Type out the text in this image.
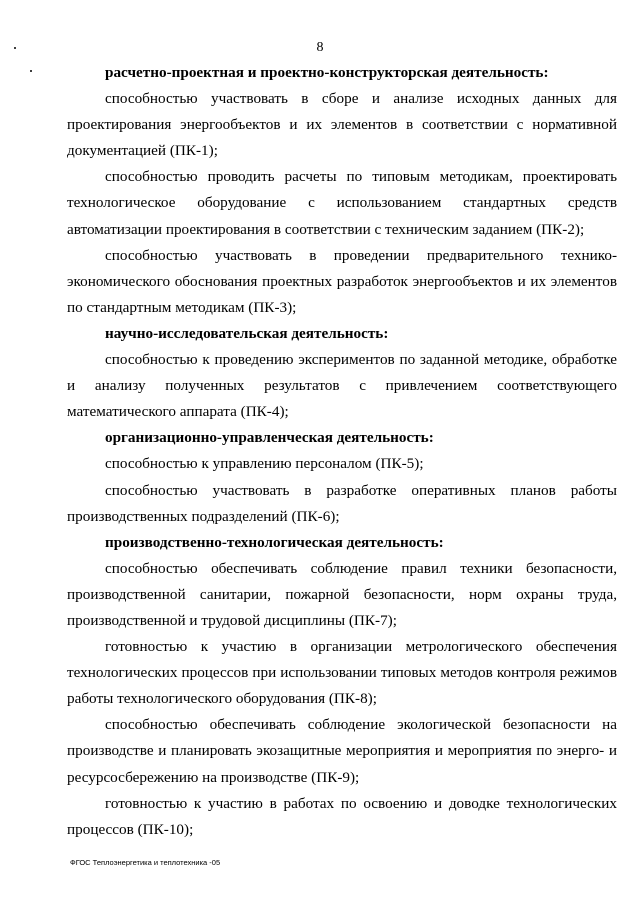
8

расчетно-проектная и проектно-конструкторская деятельность:

способностью участвовать в сборе и анализе исходных данных для проектирования энергообъектов и их элементов в соответствии с нормативной документацией (ПК-1);

способностью проводить расчеты по типовым методикам, проектировать технологическое оборудование с использованием стандартных средств автоматизации проектирования в соответствии с техническим заданием (ПК-2);

способностью участвовать в проведении предварительного технико-экономического обоснования проектных разработок энергообъектов и их элементов по стандартным методикам (ПК-3);

научно-исследовательская деятельность:

способностью к проведению экспериментов по заданной методике, обработке и анализу полученных результатов с привлечением соответствующего математического аппарата (ПК-4);

организационно-управленческая деятельность:

способностью к управлению персоналом (ПК-5);

способностью участвовать в разработке оперативных планов работы производственных подразделений (ПК-6);

производственно-технологическая деятельность:

способностью обеспечивать соблюдение правил техники безопасности, производственной санитарии, пожарной безопасности, норм охраны труда, производственной и трудовой дисциплины (ПК-7);

готовностью к участию в организации метрологического обеспечения технологических процессов при использовании типовых методов контроля режимов работы технологического оборудования (ПК-8);

способностью обеспечивать соблюдение экологической безопасности на производстве и планировать экозащитные мероприятия и мероприятия по энерго- и ресурсосбережению на производстве (ПК-9);

готовностью к участию в работах по освоению и доводке технологических процессов (ПК-10);

ФГОС Теплоэнергетика и теплотехника -05
